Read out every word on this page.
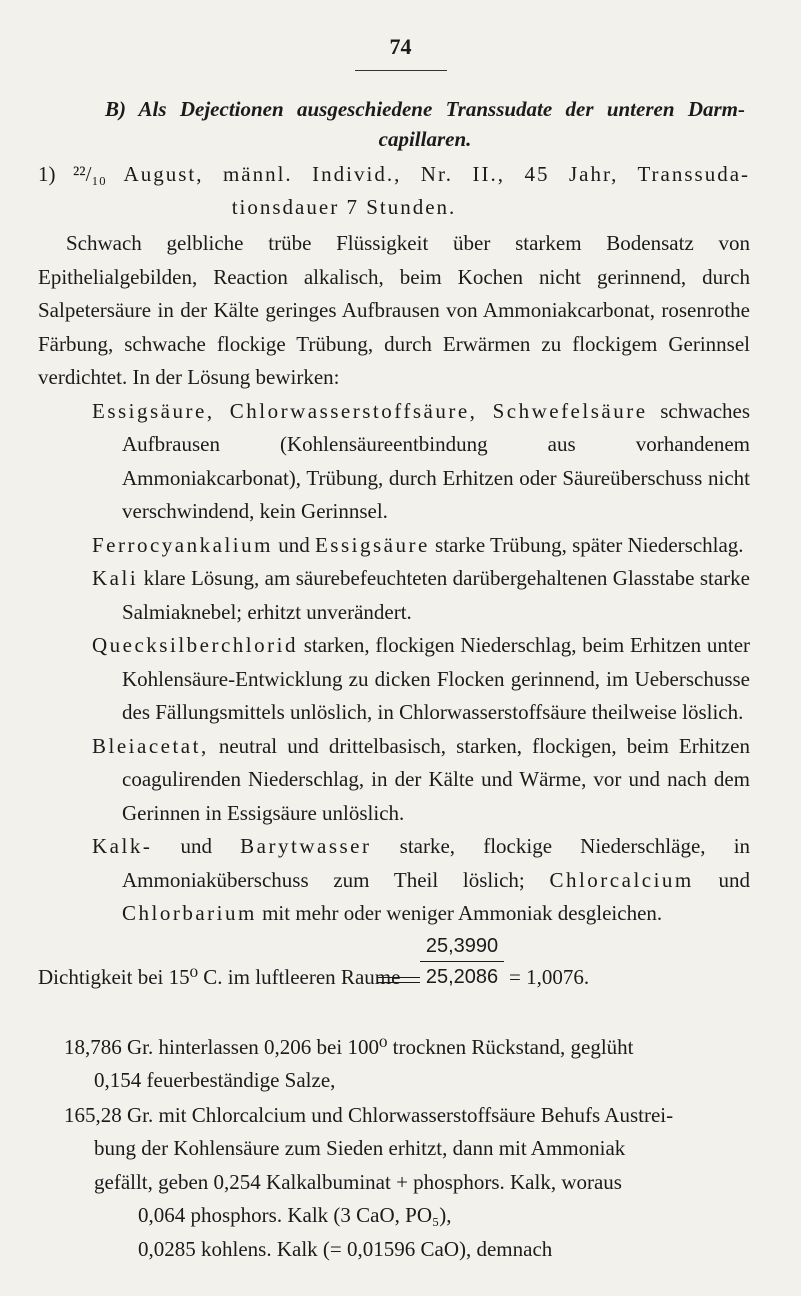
74
B) Als Dejectionen ausgeschiedene Transsudate der unteren Darm-
capillaren.
1) ²²/₁₀ August, männl. Individ., Nr. II., 45 Jahr, Transsuda-
tionsdauer 7 Stunden.

Schwach gelbliche trübe Flüssigkeit über starkem Bodensatz von Epithelialgebilden, Reaction alkalisch, beim Kochen nicht gerinnend, durch Salpetersäure in der Kälte geringes Aufbrausen von Ammoniakcarbonat, rosenrothe Färbung, schwache flockige Trübung, durch Erwärmen zu flockigem Gerinnsel verdichtet. In der Lösung bewirken:

Essigsäure, Chlorwasserstoffsäure, Schwefelsäure schwaches Aufbrausen (Kohlensäureentbindung aus vorhandenem Ammoniakcarbonat), Trübung, durch Erhitzen oder Säureüberschuss nicht verschwindend, kein Gerinnsel.

Ferrocyankalium und Essigsäure starke Trübung, später Niederschlag.

Kali klare Lösung, am säurebefeuchteten darübergehaltenen Glasstabe starke Salmiaknebel; erhitzt unverändert.

Quecksilberchlorid starken, flockigen Niederschlag, beim Erhitzen unter Kohlensäure-Entwicklung zu dicken Flocken gerinnend, im Ueberschusse des Fällungsmittels unlöslich, in Chlorwasserstoffsäure theilweise löslich.

Bleiacetat, neutral und drittelbasisch, starken, flockigen, beim Erhitzen coagulirenden Niederschlag, in der Kälte und Wärme, vor und nach dem Gerinnen in Essigsäure unlöslich.

Kalk- und Barytwasser starke, flockige Niederschläge, in Ammoniaküberschuss zum Theil löslich; Chlorcalcium und Chlorbarium mit mehr oder weniger Ammoniak desgleichen.

Dichtigkeit bei 15⁰ C. im luftleeren Raume $\frac{25,3990}{25,2086} = 1,0076$.

18,786 Gr. hinterlassen 0,206 bei 100⁰ trocknen Rückstand, geglüht

0,154 feuerbeständige Salze,

165,28 Gr. mit Chlorcalcium und Chlorwasserstoffsäure Behufs Austrei-

bung der Kohlensäure zum Sieden erhitzt, dann mit Ammoniak

gefällt, geben 0,254 Kalkalbuminat + phosphors. Kalk, woraus

0,064 phosphors. Kalk (3 CaO, PO₅),

0,0285 kohlens. Kalk (= 0,01596 CaO), demnach
